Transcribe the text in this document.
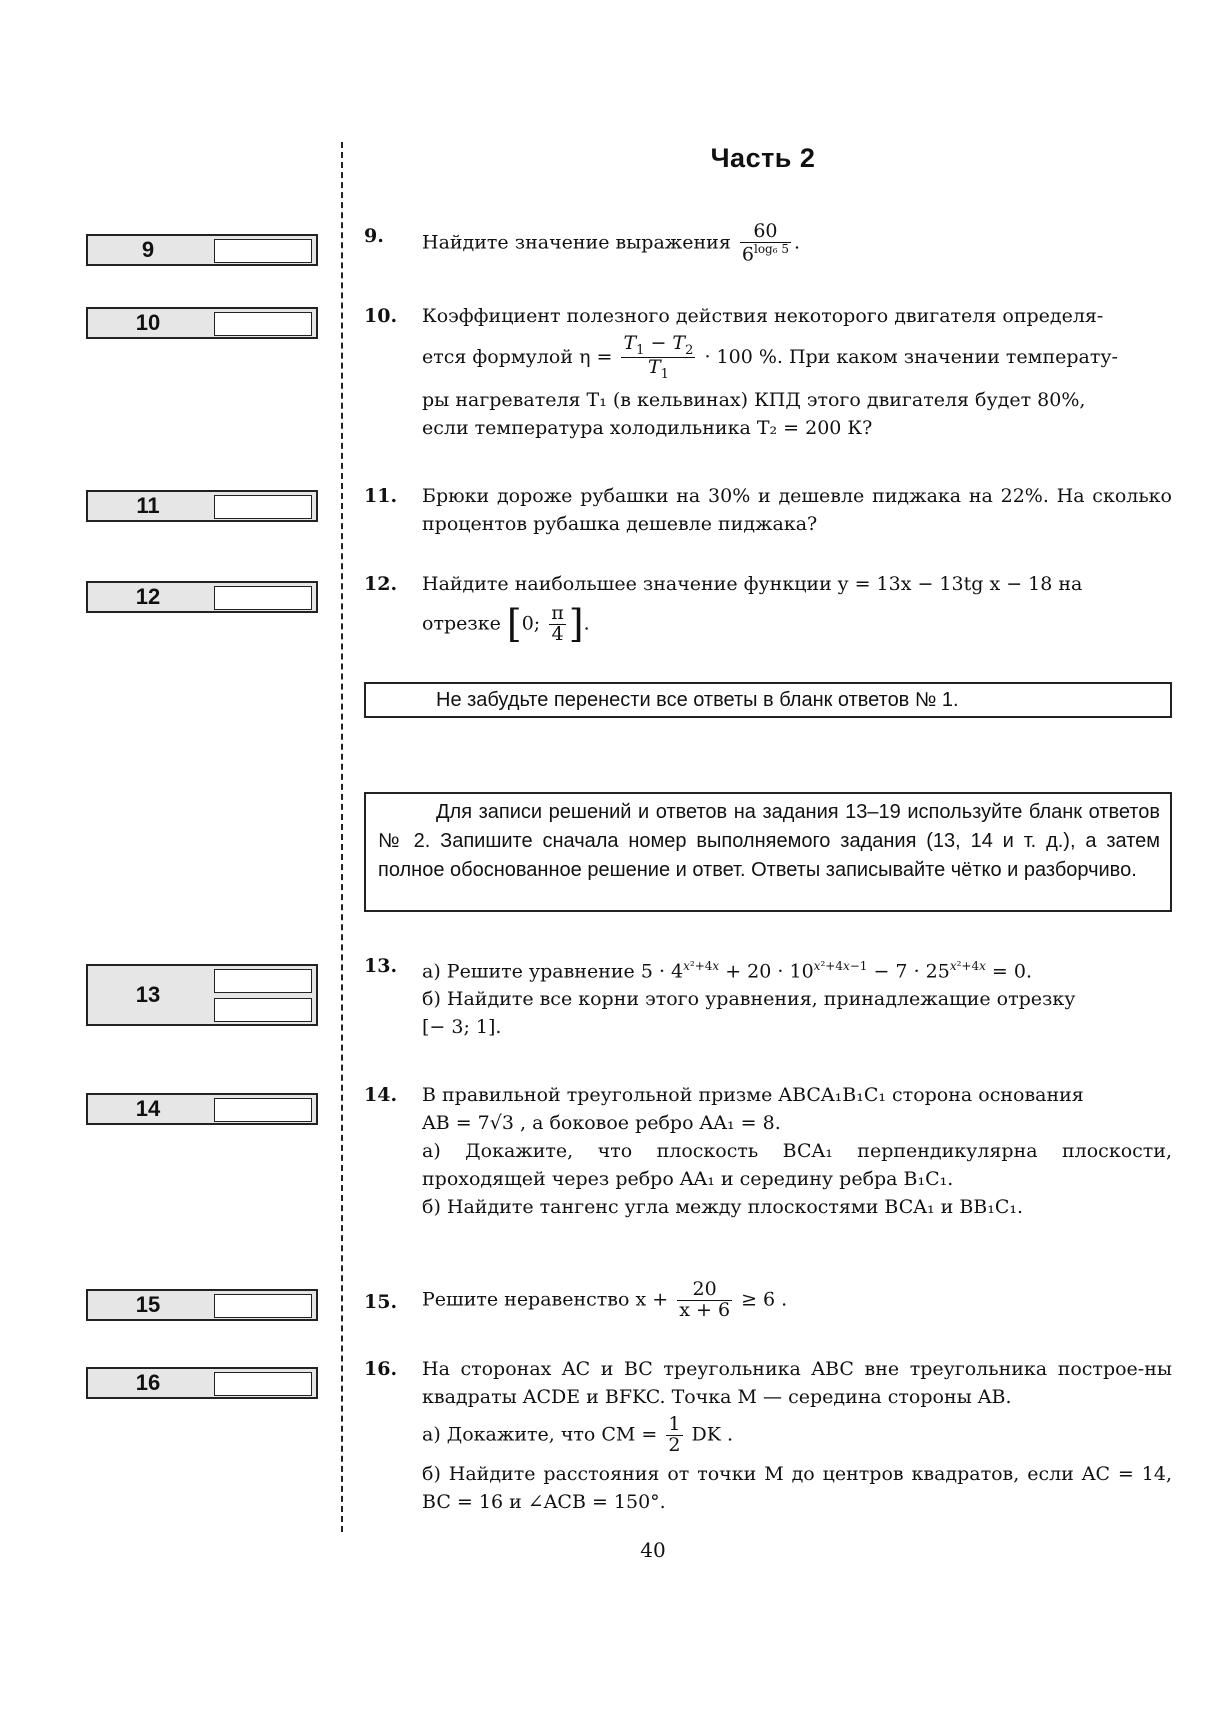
Часть 2
9
10
11
12
13
14
15
16
9. Найдите значение выражения $\frac{60}{6^{log_6 5}}$ .
10. Коэффициент полезного действия некоторого двигателя определя-

ется формулой $\eta = \frac{T_1 - T_2}{T_1} \cdot 100$ %. При каком значении температу-

ры нагревателя T₁ (в кельвинах) КПД этого двигателя будет 80%,

если температура холодильника T₂ = 200 К?

11. Брюки дороже рубашки на 30% и дешевле пиджака на 22%. На сколько процентов рубашка дешевле пиджака?

12. Найдите наибольшее значение функции y = 13x − 13tg x − 18 на

отрезке [0; $\frac{\pi}{4}$ ].

Не забудьте перенести все ответы в бланк ответов № 1.
Для записи решений и ответов на задания 13–19 используйте бланк ответов № 2. Запишите сначала номер выполняемого задания (13, 14 и т. д.), а затем полное обоснованное решение и ответ. Ответы записывайте чётко и разборчиво.
13. а) Решите уравнение $5 \cdot 4^{x^2+4x} + 20 \cdot 10^{x^2+4x-1} - 7 \cdot 25^{x^2+4x} = 0$.

б) Найдите все корни этого уравнения, принадлежащие отрезку

[− 3; 1].

14. В правильной треугольной призме ABCA₁B₁C₁ сторона основания

AB = 7√3 , а боковое ребро AA₁ = 8.

а) Докажите, что плоскость BCA₁ перпендикулярна плоскости, проходящей через ребро AA₁ и середину ребра B₁C₁.

б) Найдите тангенс угла между плоскостями BCA₁ и BB₁C₁.

15. Решите неравенство $x + \frac{20}{x + 6} \ge 6$ .
16. На сторонах AC и BC треугольника ABC вне треугольника построе-ны квадраты ACDE и BFKC. Точка M — середина стороны AB.

а) Докажите, что CM = $\frac{1}{2}$ DK .

б) Найдите расстояния от точки M до центров квадратов, если AC = 14, BC = 16 и ∠ACB = 150°.

40
